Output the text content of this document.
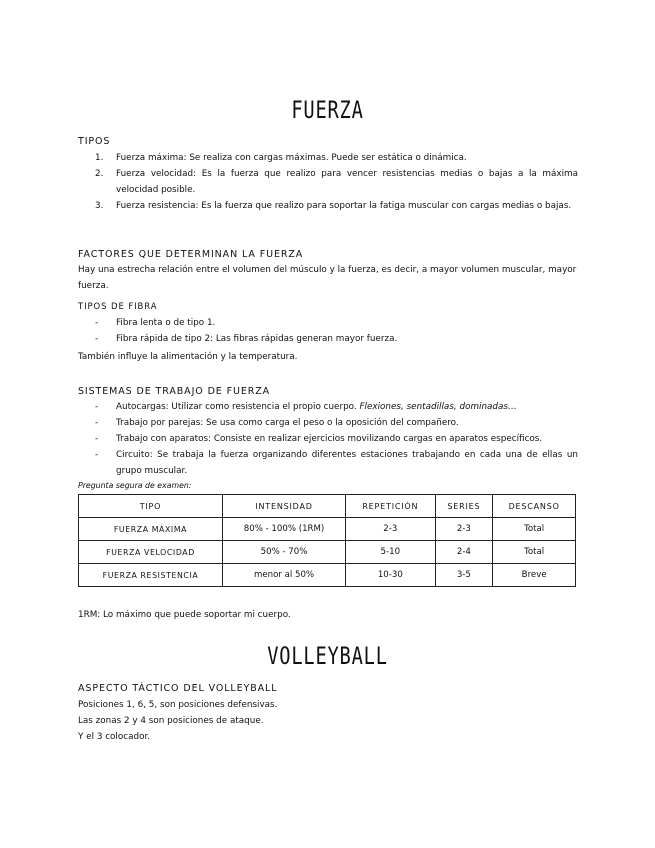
FUERZA
TIPOS
1.	Fuerza máxima: Se realiza con cargas máximas. Puede ser estática o dinámica.
2.	Fuerza velocidad: Es la fuerza que realizo para vencer resistencias medias o bajas a la máxima velocidad posible.
3.	Fuerza resistencia: Es la fuerza que realizo para soportar la fatiga muscular con cargas medias o bajas.
FACTORES QUE DETERMINAN LA FUERZA
Hay una estrecha relación entre el volumen del músculo y la fuerza, es decir, a mayor volumen muscular, mayor fuerza.
TIPOS DE FIBRA
-	Fibra lenta o de tipo 1.
-	Fibra rápida de tipo 2: Las fibras rápidas generan mayor fuerza.
También influye la alimentación y la temperatura.
SISTEMAS DE TRABAJO DE FUERZA
-	Autocargas: Utilizar como resistencia el propio cuerpo. Flexiones, sentadillas, dominadas…
-	Trabajo por parejas: Se usa como carga el peso o la oposición del compañero.
-	Trabajo con aparatos: Consiste en realizar ejercicios movilizando cargas en aparatos específicos.
-	Circuito: Se trabaja la fuerza organizando diferentes estaciones trabajando en cada una de ellas un grupo muscular.
Pregunta segura de examen:
TIPO	INTENSIDAD	REPETICIÓN	SERIES	DESCANSO
FUERZA MÁXIMA	80% - 100% (1RM)	2-3	2-3	Total
FUERZA VELOCIDAD	50% - 70%	5-10	2-4	Total
FUERZA RESISTENCIA	menor al 50%	10-30	3-5	Breve
1RM: Lo máximo que puede soportar mi cuerpo.
VOLLEYBALL
ASPECTO TÁCTICO DEL VOLLEYBALL
Posiciones 1, 6, 5, son posiciones defensivas.
Las zonas 2 y 4 son posiciones de ataque.
Y el 3 colocador.
